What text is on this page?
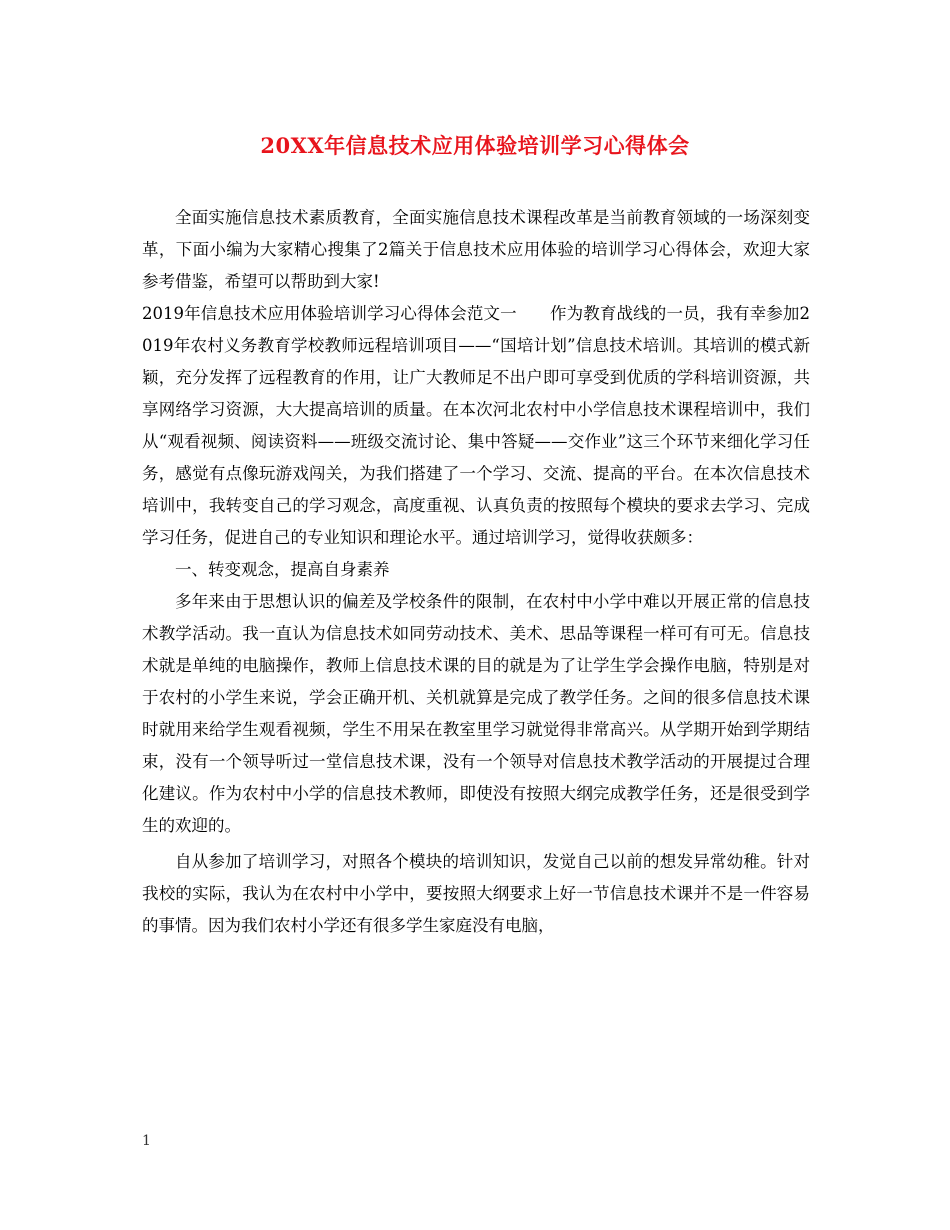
20XX年信息技术应用体验培训学习心得体会

全面实施信息技术素质教育，全面实施信息技术课程改革是当前教育领域的一场深刻变革，下面小编为大家精心搜集了2篇关于信息技术应用体验的培训学习心得体会，欢迎大家参考借鉴，希望可以帮助到大家!

2019年信息技术应用体验培训学习心得体会范文一　　作为教育战线的一员，我有幸参加2019年农村义务教育学校教师远程培训项目——“国培计划”信息技术培训。其培训的模式新颖，充分发挥了远程教育的作用，让广大教师足不出户即可享受到优质的学科培训资源，共享网络学习资源，大大提高培训的质量。在本次河北农村中小学信息技术课程培训中，我们从“观看视频、阅读资料——班级交流讨论、集中答疑——交作业”这三个环节来细化学习任务，感觉有点像玩游戏闯关，为我们搭建了一个学习、交流、提高的平台。在本次信息技术培训中，我转变自己的学习观念，高度重视、认真负责的按照每个模块的要求去学习、完成学习任务，促进自己的专业知识和理论水平。通过培训学习，觉得收获颇多：

一、转变观念，提高自身素养

多年来由于思想认识的偏差及学校条件的限制，在农村中小学中难以开展正常的信息技术教学活动。我一直认为信息技术如同劳动技术、美术、思品等课程一样可有可无。信息技术就是单纯的电脑操作，教师上信息技术课的目的就是为了让学生学会操作电脑，特别是对于农村的小学生来说，学会正确开机、关机就算是完成了教学任务。之间的很多信息技术课时就用来给学生观看视频，学生不用呆在教室里学习就觉得非常高兴。从学期开始到学期结束，没有一个领导听过一堂信息技术课，没有一个领导对信息技术教学活动的开展提过合理化建议。作为农村中小学的信息技术教师，即使没有按照大纲完成教学任务，还是很受到学生的欢迎的。

自从参加了培训学习，对照各个模块的培训知识，发觉自己以前的想发异常幼稚。针对我校的实际，我认为在农村中小学中，要按照大纲要求上好一节信息技术课并不是一件容易的事情。因为我们农村小学还有很多学生家庭没有电脑，

1
